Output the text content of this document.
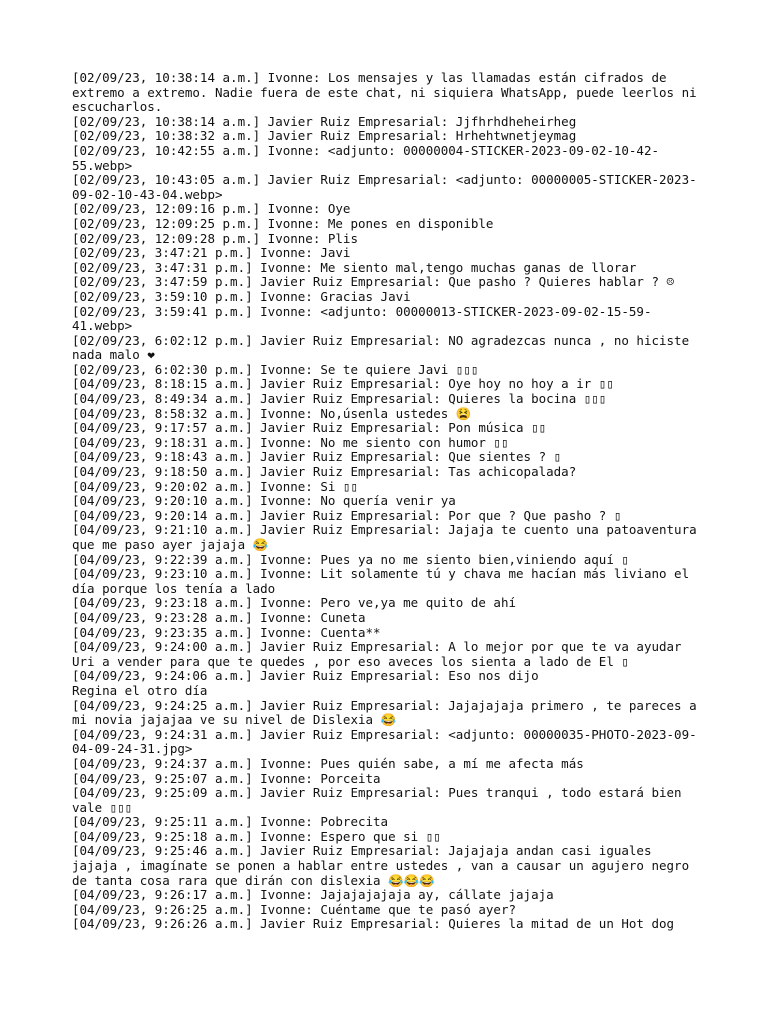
[02/09/23, 10:38:14 a.m.] Ivonne: Los mensajes y las llamadas están cifrados de extremo a extremo. Nadie fuera de este chat, ni siquiera WhatsApp, puede leerlos ni escucharlos.
[02/09/23, 10:38:14 a.m.] Javier Ruiz Empresarial: Jjfhrhdheheirheg
[02/09/23, 10:38:32 a.m.] Javier Ruiz Empresarial: Hrhehtwnetjeymag
[02/09/23, 10:42:55 a.m.] Ivonne: <adjunto: 00000004-STICKER-2023-09-02-10-42-55.webp>
[02/09/23, 10:43:05 a.m.] Javier Ruiz Empresarial: <adjunto: 00000005-STICKER-2023-09-02-10-43-04.webp>
[02/09/23, 12:09:16 p.m.] Ivonne: Oye
[02/09/23, 12:09:25 p.m.] Ivonne: Me pones en disponible
[02/09/23, 12:09:28 p.m.] Ivonne: Plis
[02/09/23, 3:47:21 p.m.] Ivonne: Javi
[02/09/23, 3:47:31 p.m.] Ivonne: Me siento mal,tengo muchas ganas de llorar
[02/09/23, 3:47:59 p.m.] Javier Ruiz Empresarial: Que pasho ? Quieres hablar ? ☹
[02/09/23, 3:59:10 p.m.] Ivonne: Gracias Javi
[02/09/23, 3:59:41 p.m.] Ivonne: <adjunto: 00000013-STICKER-2023-09-02-15-59-41.webp>
[02/09/23, 6:02:12 p.m.] Javier Ruiz Empresarial: NO agradezcas nunca , no hiciste nada malo ❤
[02/09/23, 6:02:30 p.m.] Ivonne: Se te quiere Javi ▯▯▯
[04/09/23, 8:18:15 a.m.] Javier Ruiz Empresarial: Oye hoy no hoy a ir ▯▯
[04/09/23, 8:49:34 a.m.] Javier Ruiz Empresarial: Quieres la bocina ▯▯▯
[04/09/23, 8:58:32 a.m.] Ivonne: No,úsenla ustedes 😫
[04/09/23, 9:17:57 a.m.] Javier Ruiz Empresarial: Pon música ▯▯
[04/09/23, 9:18:31 a.m.] Ivonne: No me siento con humor ▯▯
[04/09/23, 9:18:43 a.m.] Javier Ruiz Empresarial: Que sientes ? ▯
[04/09/23, 9:18:50 a.m.] Javier Ruiz Empresarial: Tas achicopalada?
[04/09/23, 9:20:02 a.m.] Ivonne: Si ▯▯
[04/09/23, 9:20:10 a.m.] Ivonne: No quería venir ya
[04/09/23, 9:20:14 a.m.] Javier Ruiz Empresarial: Por que ? Que pasho ? ▯
[04/09/23, 9:21:10 a.m.] Javier Ruiz Empresarial: Jajaja te cuento una patoaventura que me paso ayer jajaja 😂
[04/09/23, 9:22:39 a.m.] Ivonne: Pues ya no me siento bien,viniendo aquí ▯
[04/09/23, 9:23:10 a.m.] Ivonne: Lit solamente tú y chava me hacían más liviano el día porque los tenía a lado
[04/09/23, 9:23:18 a.m.] Ivonne: Pero ve,ya me quito de ahí
[04/09/23, 9:23:28 a.m.] Ivonne: Cuneta
[04/09/23, 9:23:35 a.m.] Ivonne: Cuenta**
[04/09/23, 9:24:00 a.m.] Javier Ruiz Empresarial: A lo mejor por que te va ayudar Uri a vender para que te quedes , por eso aveces los sienta a lado de El ▯
[04/09/23, 9:24:06 a.m.] Javier Ruiz Empresarial: Eso nos dijo
Regina el otro día
[04/09/23, 9:24:25 a.m.] Javier Ruiz Empresarial: Jajajajaja primero , te pareces a mi novia jajajaa ve su nivel de Dislexia 😂
[04/09/23, 9:24:31 a.m.] Javier Ruiz Empresarial: <adjunto: 00000035-PHOTO-2023-09-04-09-24-31.jpg>
[04/09/23, 9:24:37 a.m.] Ivonne: Pues quién sabe, a mí me afecta más
[04/09/23, 9:25:07 a.m.] Ivonne: Porceita
[04/09/23, 9:25:09 a.m.] Javier Ruiz Empresarial: Pues tranqui , todo estará bien vale ▯▯▯
[04/09/23, 9:25:11 a.m.] Ivonne: Pobrecita
[04/09/23, 9:25:18 a.m.] Ivonne: Espero que si ▯▯
[04/09/23, 9:25:46 a.m.] Javier Ruiz Empresarial: Jajajaja andan casi iguales jajaja , imagínate se ponen a hablar entre ustedes , van a causar un agujero negro de tanta cosa rara que dirán con dislexia 😂😂😂
[04/09/23, 9:26:17 a.m.] Ivonne: Jajajajajaja ay, cállate jajaja
[04/09/23, 9:26:25 a.m.] Ivonne: Cuéntame que te pasó ayer?
[04/09/23, 9:26:26 a.m.] Javier Ruiz Empresarial: Quieres la mitad de un Hot dog
